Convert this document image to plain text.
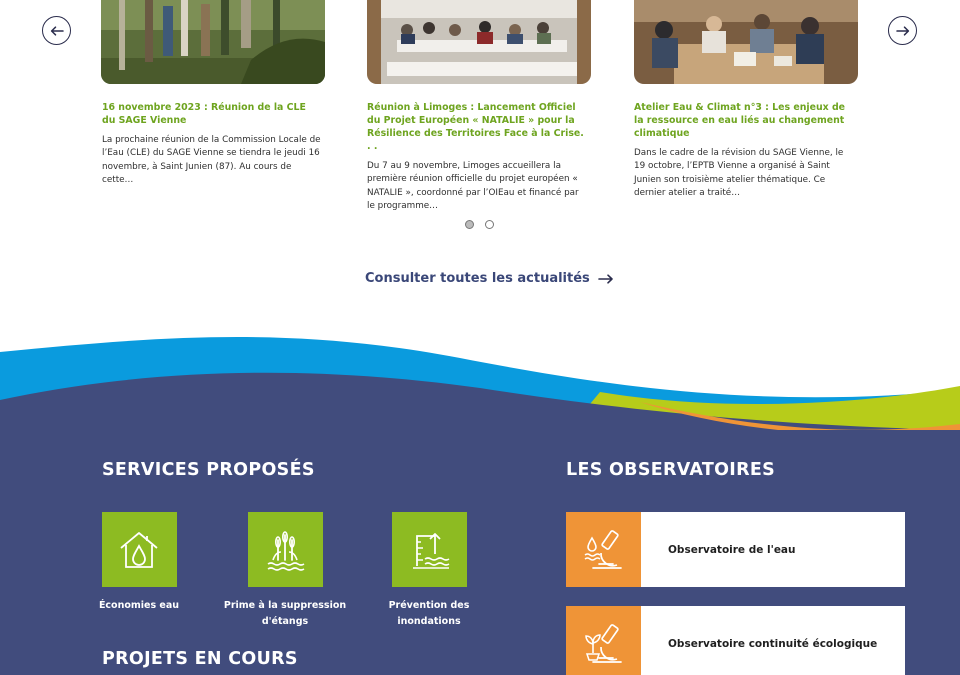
16 novembre 2023 : Réunion de la CLE du SAGE Vienne
La prochaine réunion de la Commission Locale de l’Eau (CLE) du SAGE Vienne se tiendra le jeudi 16 novembre, à Saint Junien (87). Au cours de cette…
Réunion à Limoges : Lancement Officiel du Projet Européen « NATALIE » pour la Résilience des Territoires Face à la Crise. . .
Du 7 au 9 novembre, Limoges accueillera la première réunion officielle du projet européen « NATALIE », coordonné par l’OIEau et financé par le programme…
Atelier Eau & Climat n°3 : Les enjeux de la ressource en eau liés au changement climatique
Dans le cadre de la révision du SAGE Vienne, le 19 octobre, l’EPTB Vienne a organisé à Saint Junien son troisième atelier thématique. Ce dernier atelier a traité…
Consulter toutes les actualités
SERVICES PROPOSÉS	LES OBSERVATOIRES
PROJETS EN COURS
Économies eau	Prime à la suppression d'étangs
Prévention des inondations
Observatoire de l'eau
Observatoire continuité écologique
